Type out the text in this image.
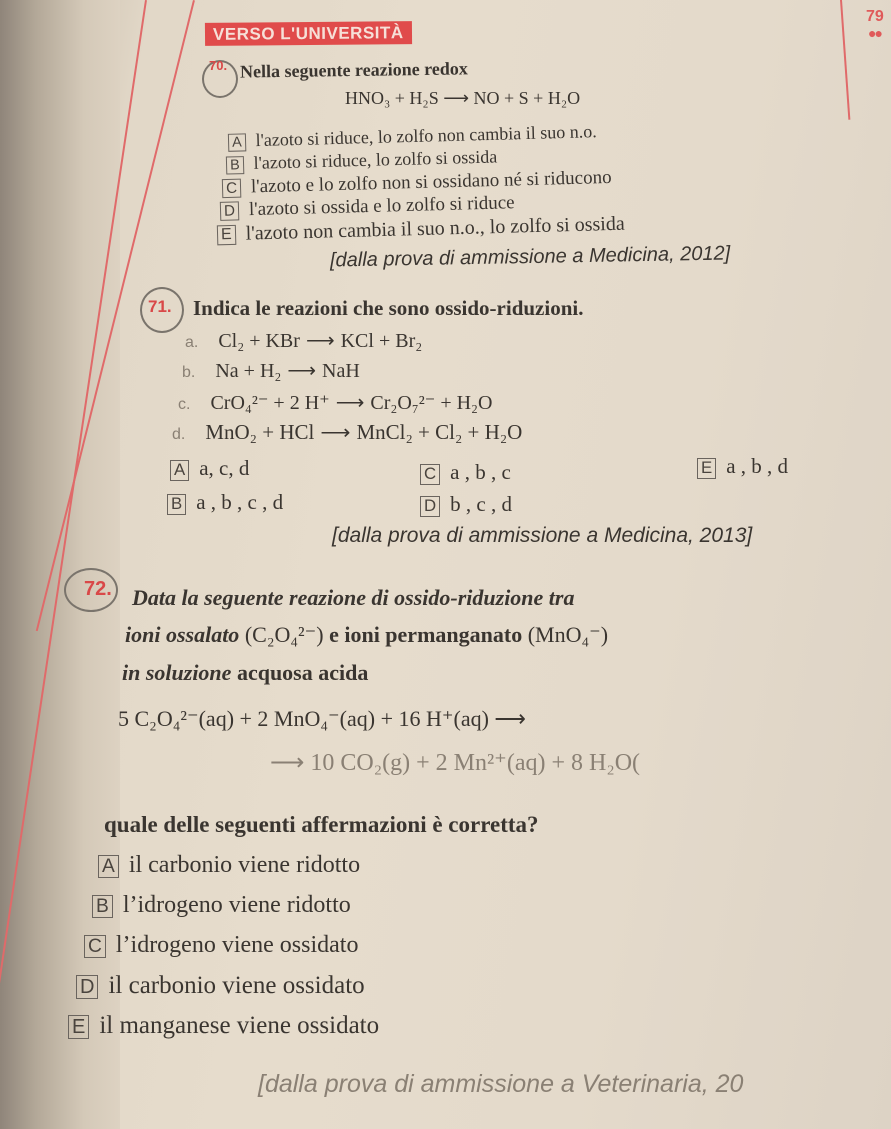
79
●●
VERSO L'UNIVERSITÀ
70. Nella seguente reazione redox
HNO₃ + H₂S ⟶ NO + S + H₂O
A l'azoto si riduce, lo zolfo non cambia il suo n.o.
B l'azoto si riduce, lo zolfo si ossida
C l'azoto e lo zolfo non si ossidano né si riducono
D l'azoto si ossida e lo zolfo si riduce
E l'azoto non cambia il suo n.o., lo zolfo si ossida
[dalla prova di ammissione a Medicina, 2012]
71. Indica le reazioni che sono ossido-riduzioni.
a. Cl₂ + KBr ⟶ KCl + Br₂
b. Na + H₂ ⟶ NaH
c. CrO₄²⁻ + 2 H⁺ ⟶ Cr₂O₇²⁻ + H₂O
d. MnO₂ + HCl ⟶ MnCl₂ + Cl₂ + H₂O
A a, c, d
B a , b , c , d
C a , b , c
D b , c , d
E a , b , d
[dalla prova di ammissione a Medicina, 2013]
72. Data la seguente reazione di ossido-riduzione tra
ioni ossalato (C₂O₄²⁻) e ioni permanganato (MnO₄⁻)
in soluzione acquosa acida
5 C₂O₄²⁻(aq) + 2 MnO₄⁻(aq) + 16 H⁺(aq) ⟶
⟶ 10 CO₂(g) + 2 Mn²⁺(aq) + 8 H₂O(
quale delle seguenti affermazioni è corretta?
A il carbonio viene ridotto
B l’idrogeno viene ridotto
C l’idrogeno viene ossidato
D il carbonio viene ossidato
E il manganese viene ossidato
[dalla prova di ammissione a Veterinaria, 20
